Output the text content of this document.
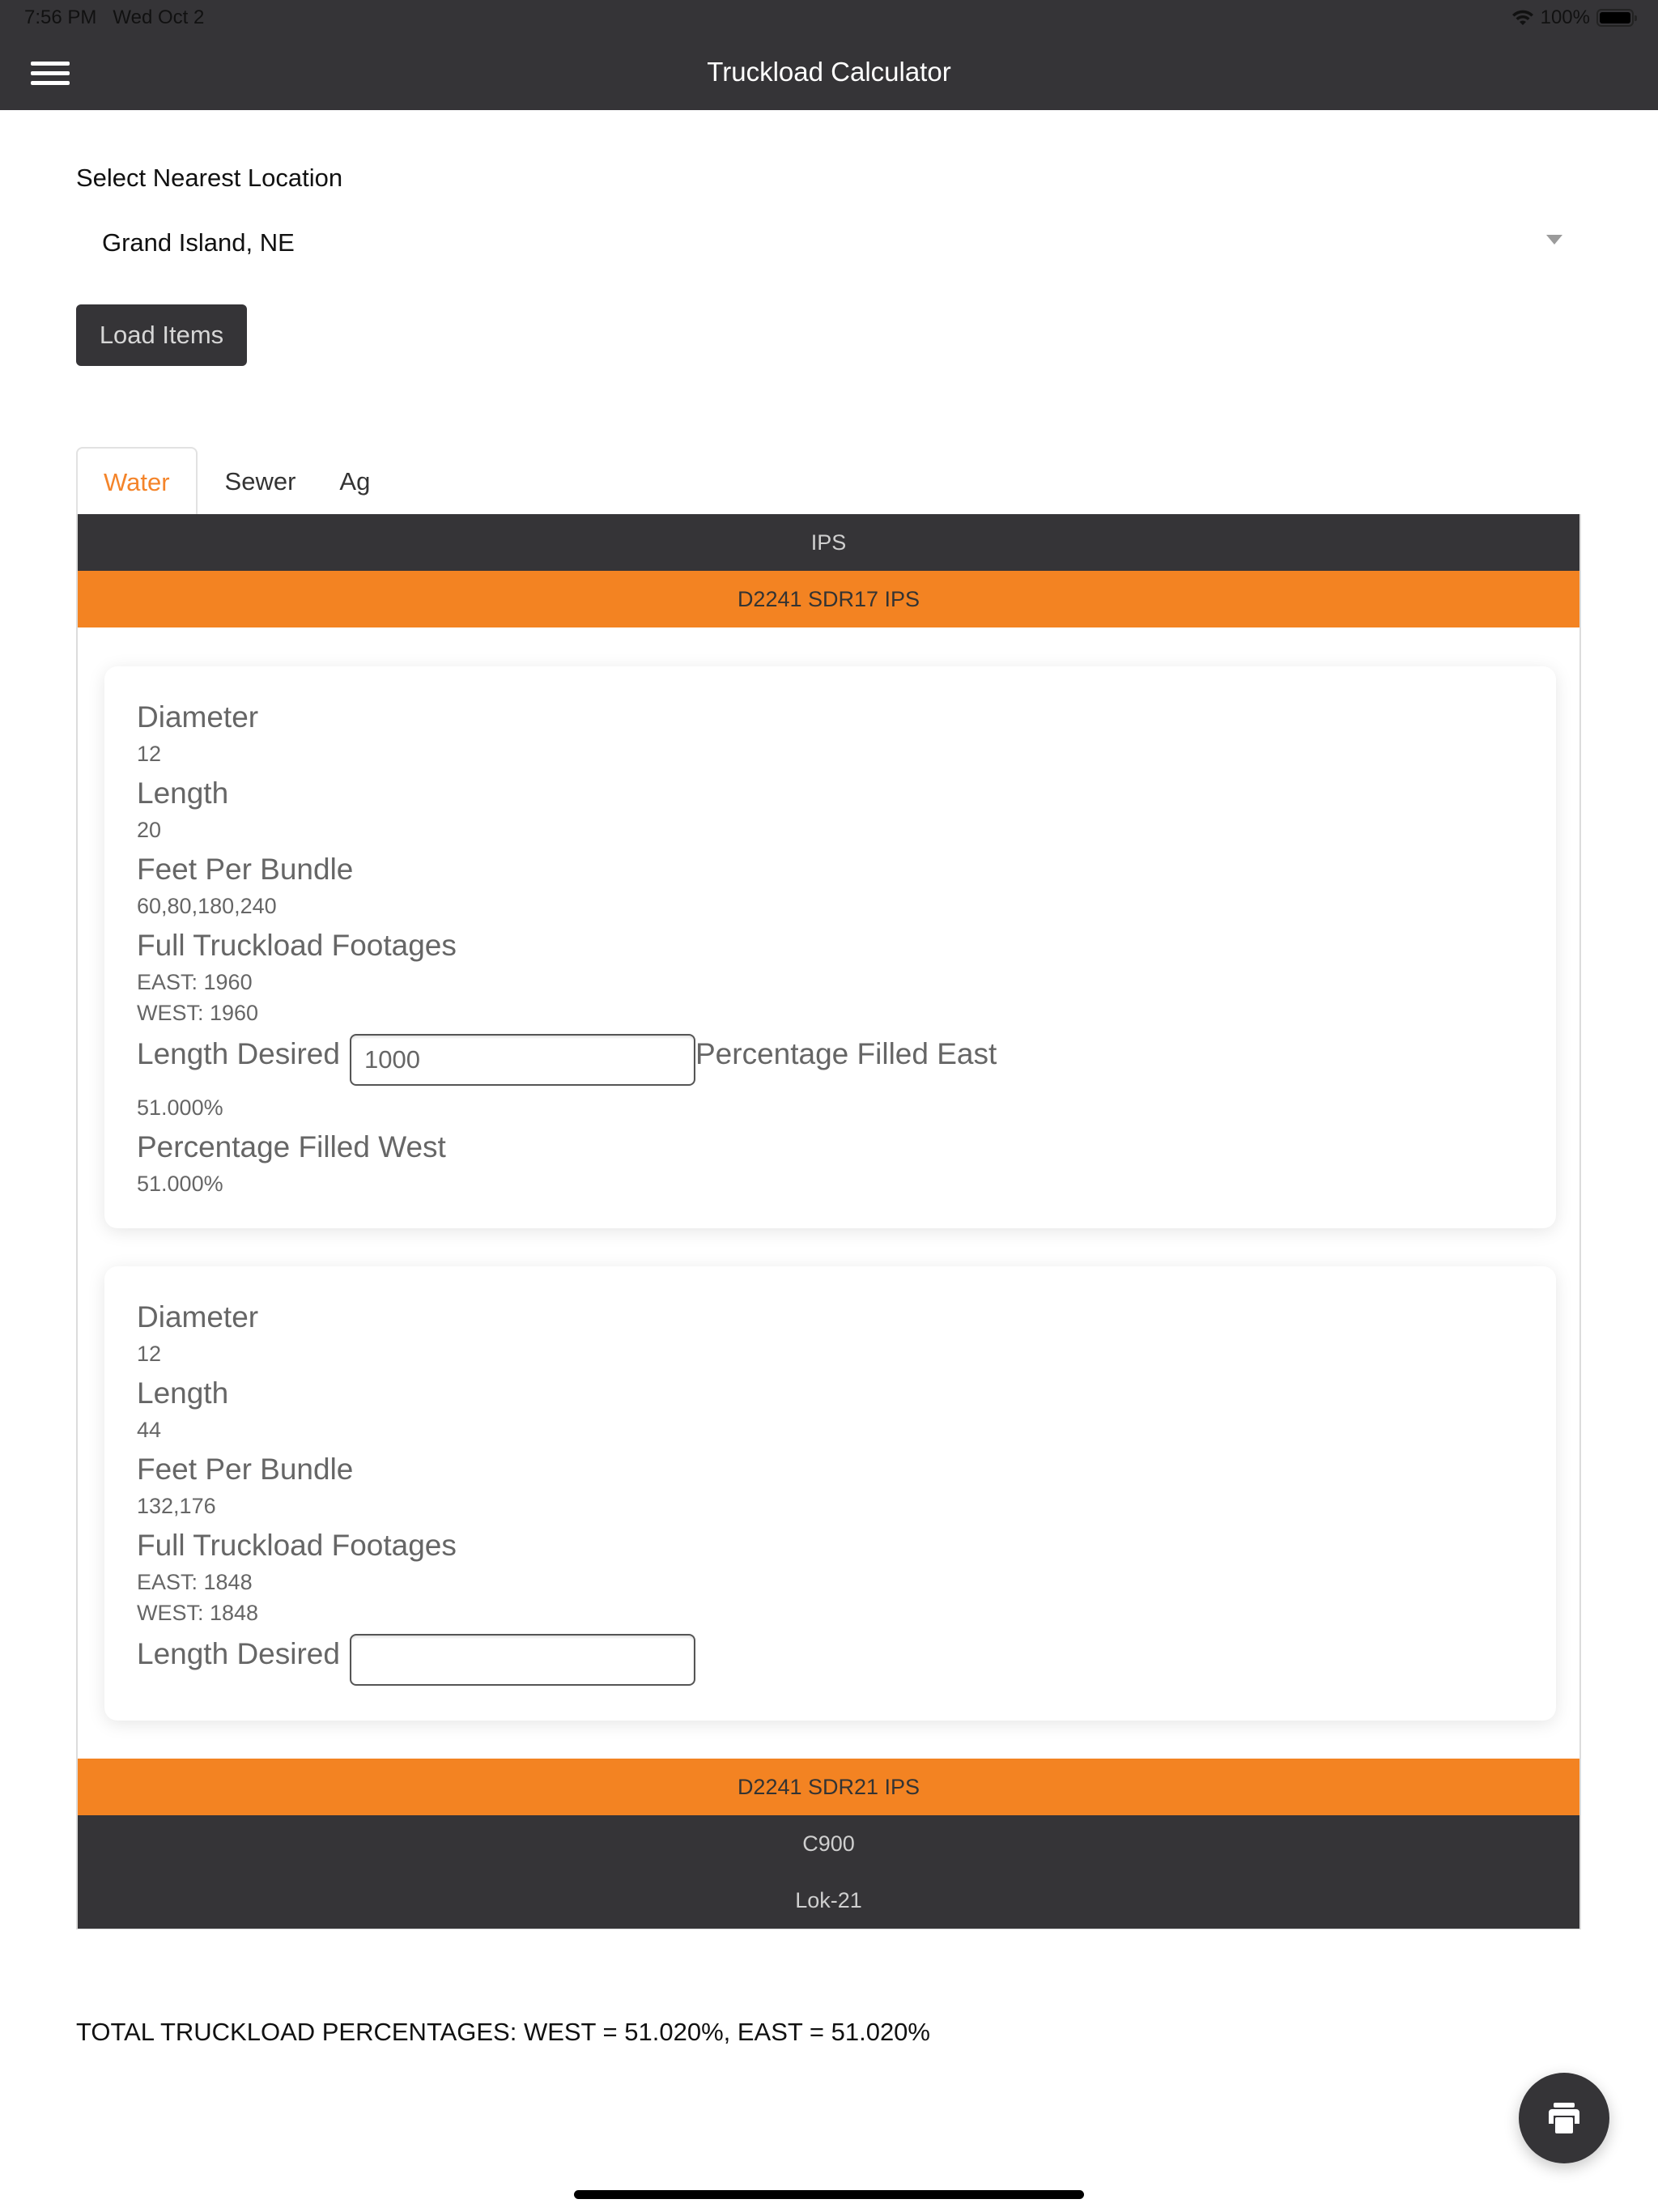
7:56 PM Wed Oct 2	100%
Truckload Calculator
Select Nearest Location
Grand Island, NE
Load Items
Water	Sewer	Ag
IPS
D2241 SDR17 IPS
Diameter
12
Length
20
Feet Per Bundle
60,80,180,240
Full Truckload Footages
EAST: 1960
WEST: 1960
Length Desired
1000	Percentage Filled East
51.000%
Percentage Filled West
51.000%
Diameter
12
Length
44
Feet Per Bundle
132,176
Full Truckload Footages
EAST: 1848
WEST: 1848
Length Desired
D2241 SDR21 IPS
C900
Lok-21
TOTAL TRUCKLOAD PERCENTAGES: WEST = 51.020%, EAST = 51.020%
